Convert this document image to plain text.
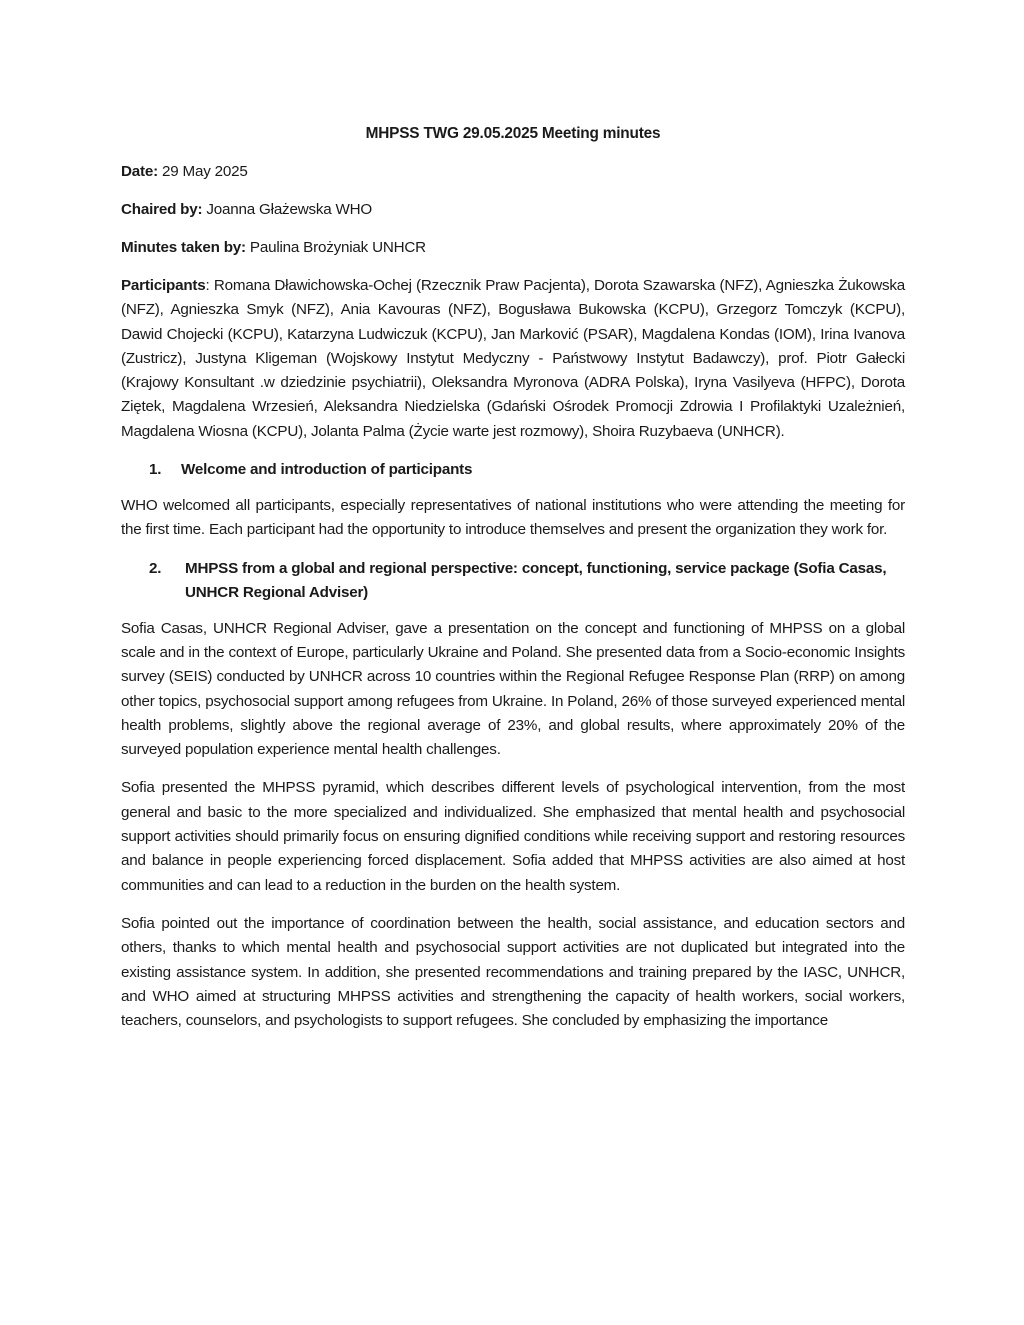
MHPSS TWG 29.05.2025 Meeting minutes

Date: 29 May 2025

Chaired by: Joanna Głażewska WHO

Minutes taken by: Paulina Brożyniak UNHCR

Participants: Romana Dławichowska-Ochej (Rzecznik Praw Pacjenta), Dorota Szawarska (NFZ), Agnieszka Żukowska (NFZ), Agnieszka Smyk (NFZ), Ania Kavouras (NFZ), Bogusława Bukowska (KCPU), Grzegorz Tomczyk (KCPU), Dawid Chojecki (KCPU), Katarzyna Ludwiczuk (KCPU), Jan Marković (PSAR), Magdalena Kondas (IOM), Irina Ivanova (Zustricz), Justyna Kligeman (Wojskowy Instytut Medyczny - Państwowy Instytut Badawczy), prof. Piotr Gałecki (Krajowy Konsultant .w dziedzinie psychiatrii), Oleksandra Myronova (ADRA Polska), Iryna Vasilyeva (HFPC), Dorota Ziętek, Magdalena Wrzesień, Aleksandra Niedzielska (Gdański Ośrodek Promocji Zdrowia I Profilaktyki Uzależnień, Magdalena Wiosna (KCPU), Jolanta Palma (Życie warte jest rozmowy), Shoira Ruzybaeva (UNHCR).

1.	Welcome and introduction of participants

WHO welcomed all participants, especially representatives of national institutions who were attending the meeting for the first time. Each participant had the opportunity to introduce themselves and present the organization they work for.

2.	MHPSS from a global and regional perspective: concept, functioning, service package (Sofia Casas, UNHCR Regional Adviser)

Sofia Casas, UNHCR Regional Adviser, gave a presentation on the concept and functioning of MHPSS on a global scale and in the context of Europe, particularly Ukraine and Poland. She presented data from a Socio-economic Insights survey (SEIS) conducted by UNHCR across 10 countries within the Regional Refugee Response Plan (RRP) on among other topics, psychosocial support among refugees from Ukraine. In Poland, 26% of those surveyed experienced mental health problems, slightly above the regional average of 23%, and global results, where approximately 20% of the surveyed population experience mental health challenges.

Sofia presented the MHPSS pyramid, which describes different levels of psychological intervention, from the most general and basic to the more specialized and individualized. She emphasized that mental health and psychosocial support activities should primarily focus on ensuring dignified conditions while receiving support and restoring resources and balance in people experiencing forced displacement. Sofia added that MHPSS activities are also aimed at host communities and can lead to a reduction in the burden on the health system.

Sofia pointed out the importance of coordination between the health, social assistance, and education sectors and others, thanks to which mental health and psychosocial support activities are not duplicated but integrated into the existing assistance system. In addition, she presented recommendations and training prepared by the IASC, UNHCR, and WHO aimed at structuring MHPSS activities and strengthening the capacity of health workers, social workers, teachers, counselors, and psychologists to support refugees. She concluded by emphasizing the importance
